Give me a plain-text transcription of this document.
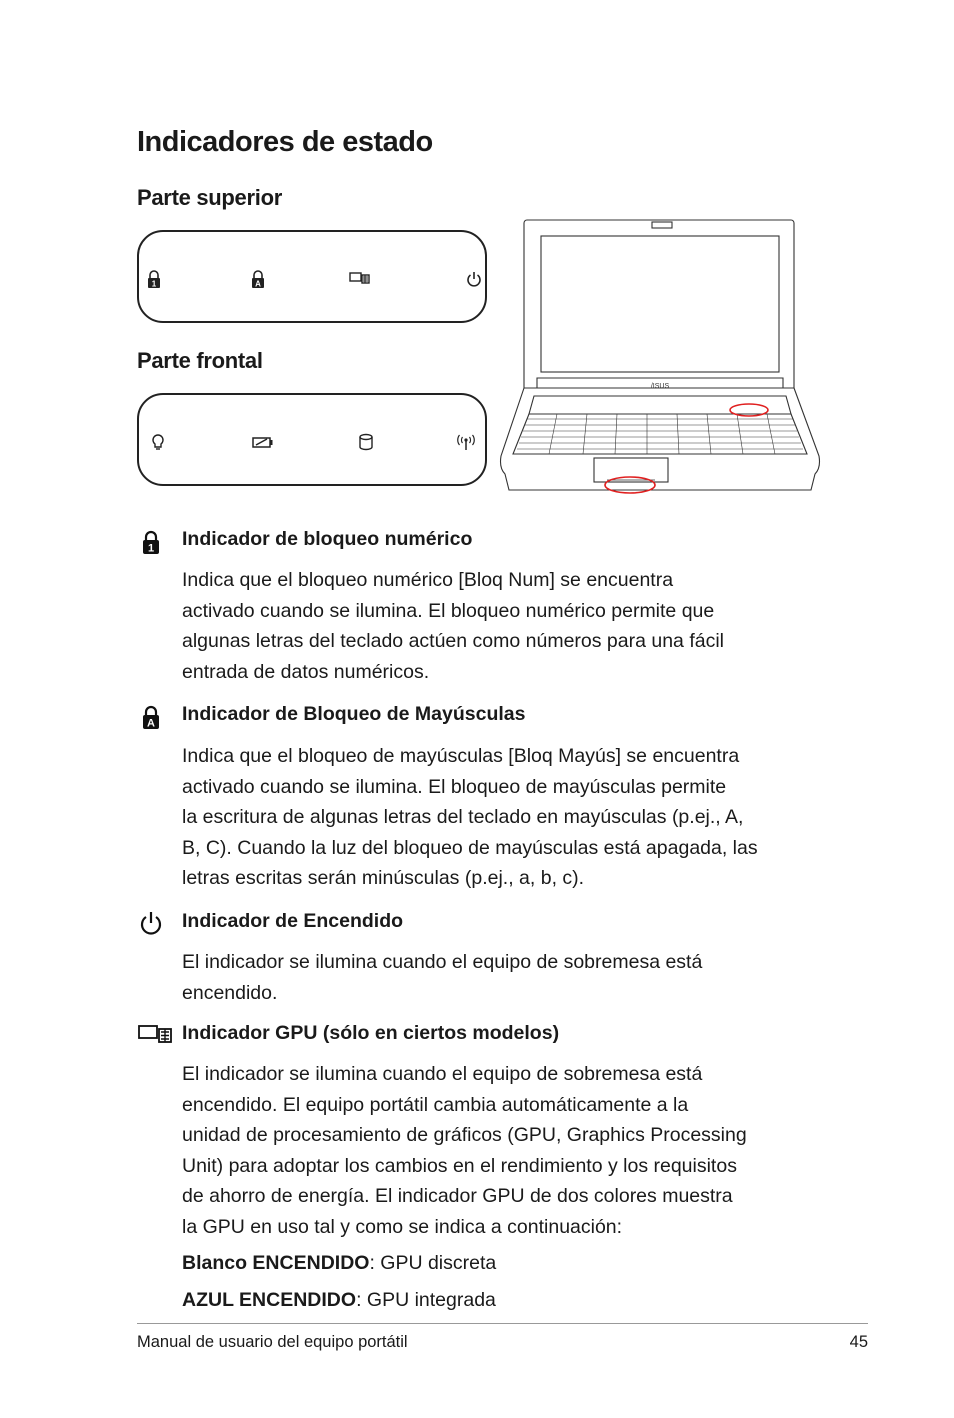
Indicadores de estado
Parte superior
1	A
Parte frontal
/ISUS
1 Indicador de bloqueo numérico

Indica que el bloqueo numérico [Bloq Num] se encuentra
activado cuando se ilumina. El bloqueo numérico permite que
algunas letras del teclado actúen como números para una fácil
entrada de datos numéricos.

A Indicador de Bloqueo de Mayúsculas

Indica que el bloqueo de mayúsculas [Bloq Mayús] se encuentra
activado cuando se ilumina. El bloqueo de mayúsculas permite
la escritura de algunas letras del teclado en mayúsculas (p.ej., A,
B, C). Cuando la luz del bloqueo de mayúsculas está apagada, las
letras escritas serán minúsculas (p.ej., a, b, c).

Indicador de Encendido

El indicador se ilumina cuando el equipo de sobremesa está
encendido.

Indicador GPU (sólo en ciertos modelos)

El indicador se ilumina cuando el equipo de sobremesa está
encendido. El equipo portátil cambia automáticamente a la
unidad de procesamiento de gráficos (GPU, Graphics Processing
Unit) para adoptar los cambios en el rendimiento y los requisitos
de ahorro de energía. El indicador GPU de dos colores muestra
la GPU en uso tal y como se indica a continuación:

Blanco ENCENDIDO: GPU discreta

AZUL ENCENDIDO: GPU integrada

Manual de usuario del equipo portátil	45
